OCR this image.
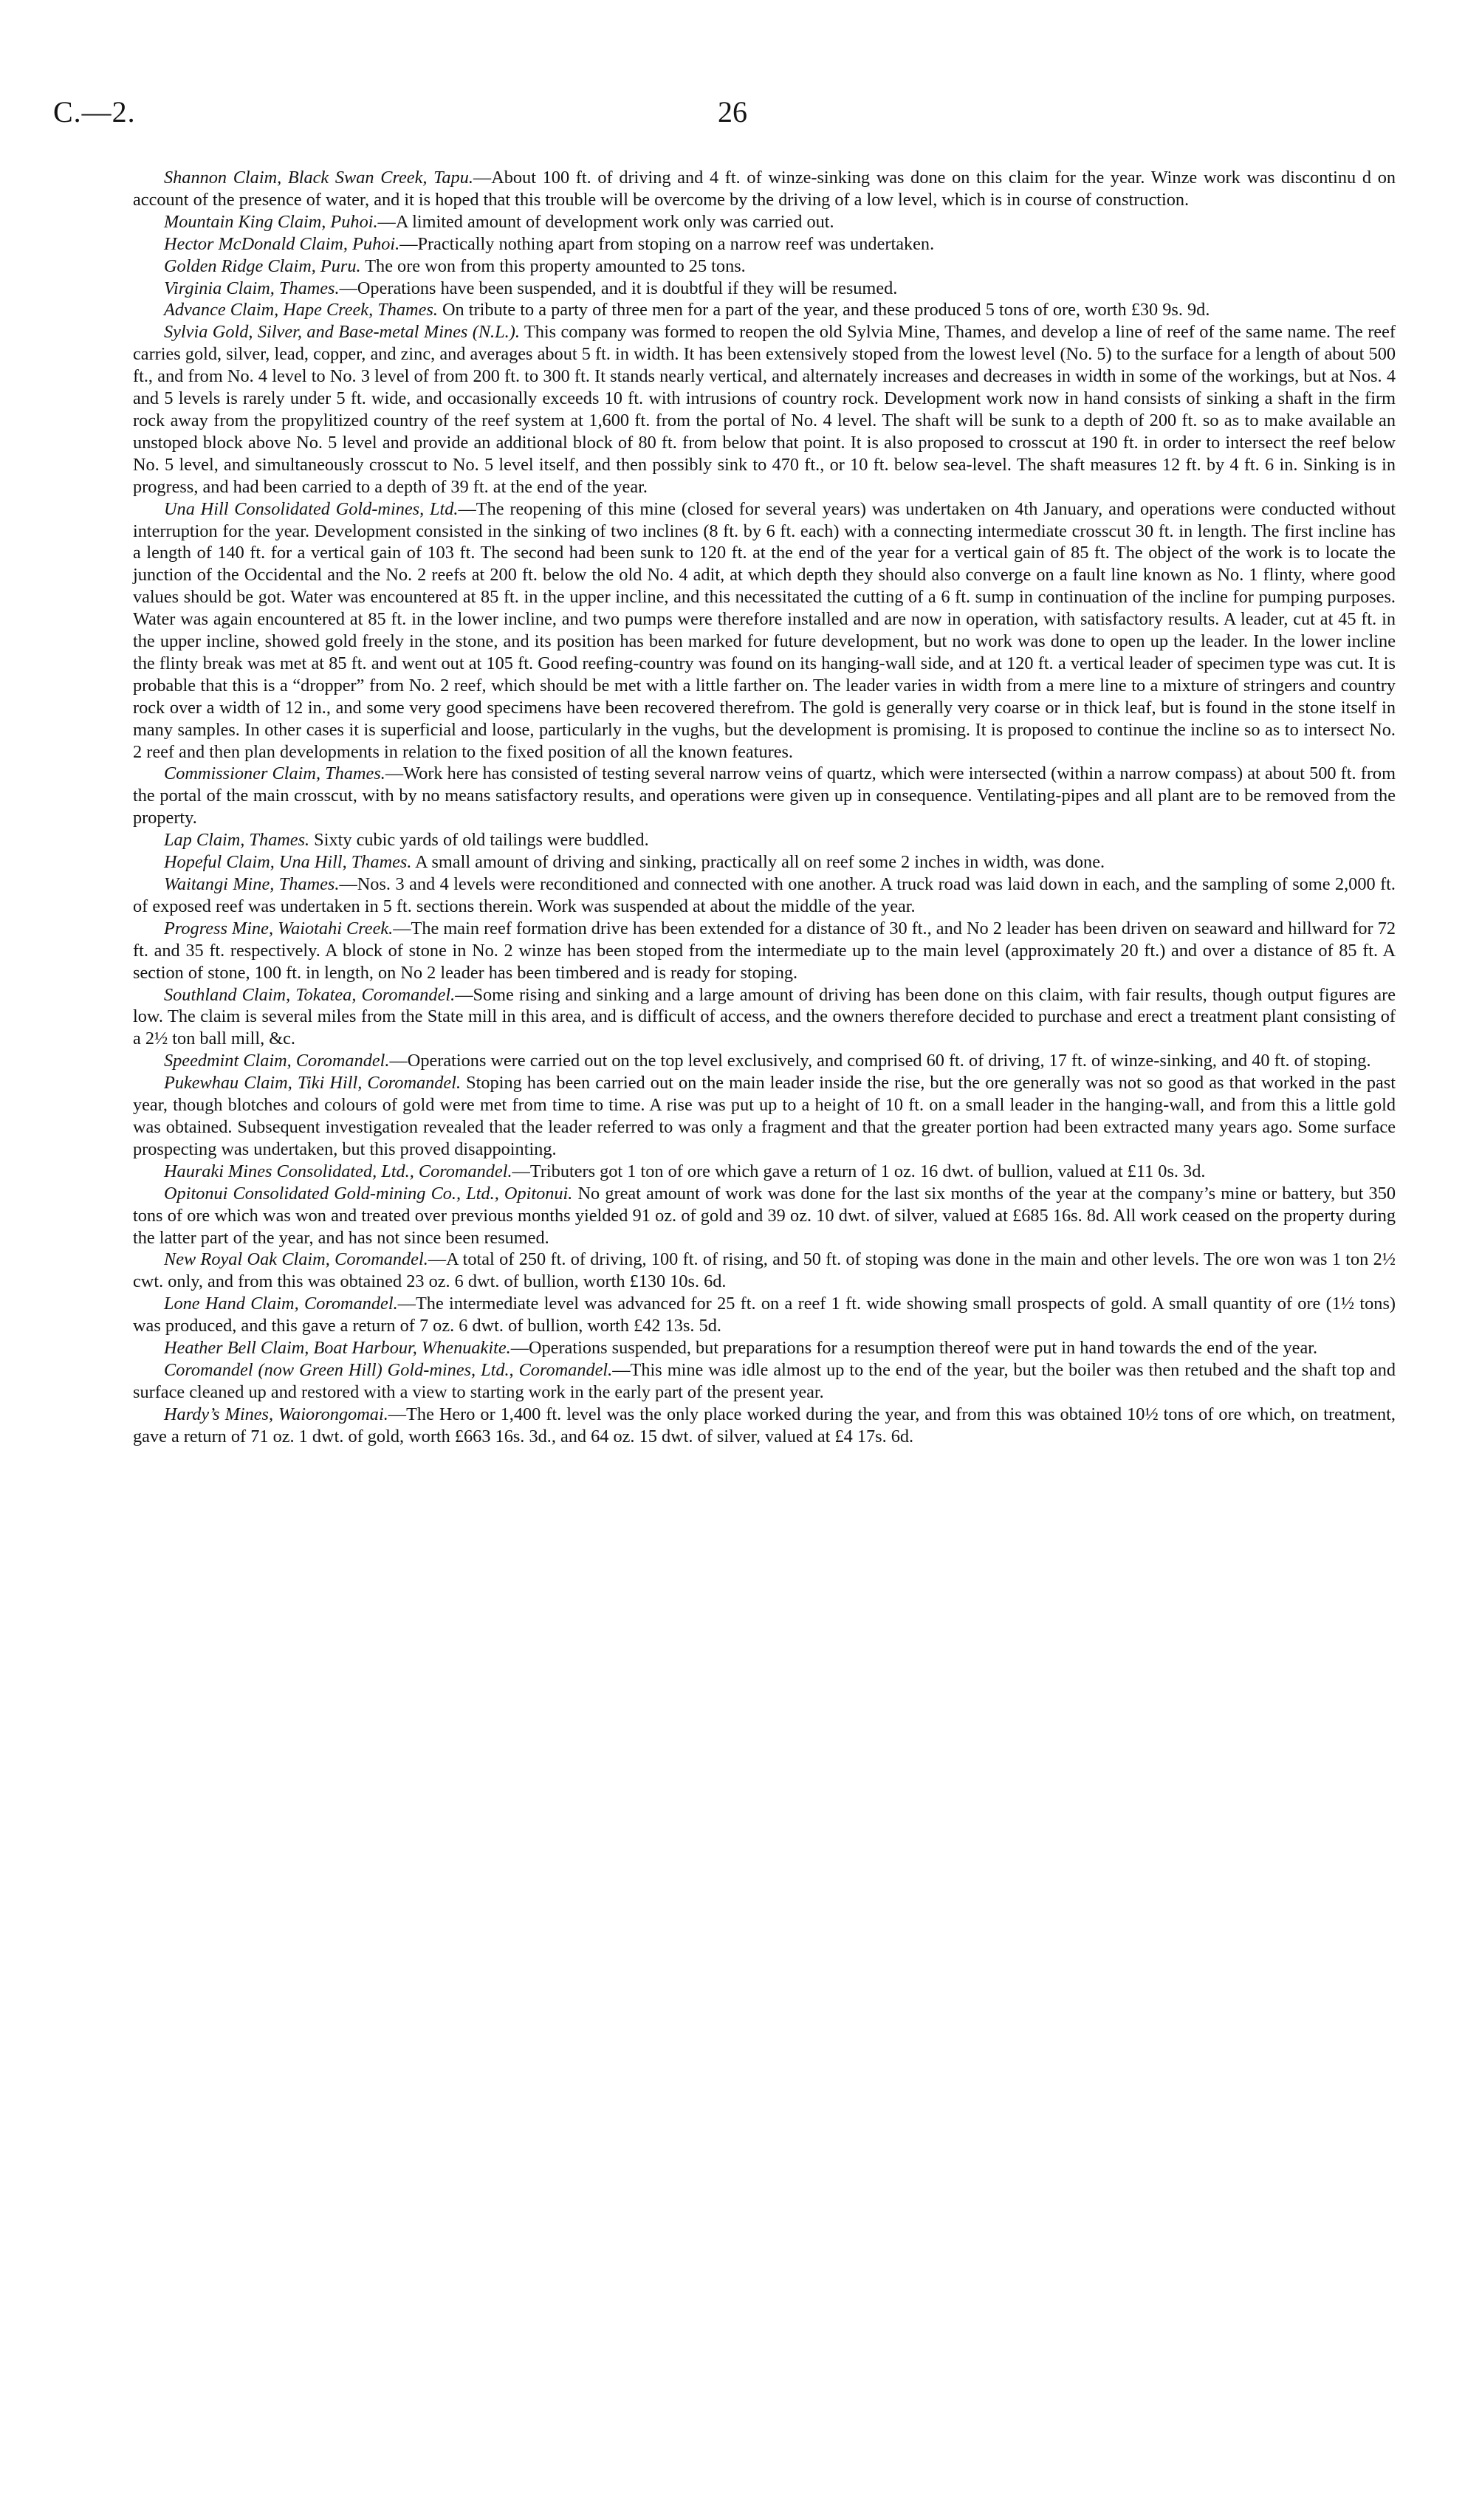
C.—2.	26

Shannon Claim, Black Swan Creek, Tapu.—About 100 ft. of driving and 4 ft. of winze-sinking was done on this claim for the year. Winze work was discontinu d on account of the presence of water, and it is hoped that this trouble will be overcome by the driving of a low level, which is in course of construction.

Mountain King Claim, Puhoi.—A limited amount of development work only was carried out.

Hector McDonald Claim, Puhoi.—Practically nothing apart from stoping on a narrow reef was undertaken.

Golden Ridge Claim, Puru. The ore won from this property amounted to 25 tons.

Virginia Claim, Thames.—Operations have been suspended, and it is doubtful if they will be resumed.

Advance Claim, Hape Creek, Thames. On tribute to a party of three men for a part of the year, and these produced 5 tons of ore, worth £30 9s. 9d.

Sylvia Gold, Silver, and Base-metal Mines (N.L.). This company was formed to reopen the old Sylvia Mine, Thames, and develop a line of reef of the same name. The reef carries gold, silver, lead, copper, and zinc, and averages about 5 ft. in width. It has been extensively stoped from the lowest level (No. 5) to the surface for a length of about 500 ft., and from No. 4 level to No. 3 level of from 200 ft. to 300 ft. It stands nearly vertical, and alternately increases and decreases in width in some of the workings, but at Nos. 4 and 5 levels is rarely under 5 ft. wide, and occasionally exceeds 10 ft. with intrusions of country rock. Development work now in hand consists of sinking a shaft in the firm rock away from the propylitized country of the reef system at 1,600 ft. from the portal of No. 4 level. The shaft will be sunk to a depth of 200 ft. so as to make available an unstoped block above No. 5 level and provide an additional block of 80 ft. from below that point. It is also proposed to crosscut at 190 ft. in order to intersect the reef below No. 5 level, and simultaneously crosscut to No. 5 level itself, and then possibly sink to 470 ft., or 10 ft. below sea-level. The shaft measures 12 ft. by 4 ft. 6 in. Sinking is in progress, and had been carried to a depth of 39 ft. at the end of the year.

Una Hill Consolidated Gold-mines, Ltd.—The reopening of this mine (closed for several years) was undertaken on 4th January, and operations were conducted without interruption for the year. Development consisted in the sinking of two inclines (8 ft. by 6 ft. each) with a connecting intermediate crosscut 30 ft. in length. The first incline has a length of 140 ft. for a vertical gain of 103 ft. The second had been sunk to 120 ft. at the end of the year for a vertical gain of 85 ft. The object of the work is to locate the junction of the Occidental and the No. 2 reefs at 200 ft. below the old No. 4 adit, at which depth they should also converge on a fault line known as No. 1 flinty, where good values should be got. Water was encountered at 85 ft. in the upper incline, and this necessitated the cutting of a 6 ft. sump in continuation of the incline for pumping purposes. Water was again encountered at 85 ft. in the lower incline, and two pumps were therefore installed and are now in operation, with satisfactory results. A leader, cut at 45 ft. in the upper incline, showed gold freely in the stone, and its position has been marked for future development, but no work was done to open up the leader. In the lower incline the flinty break was met at 85 ft. and went out at 105 ft. Good reefing-country was found on its hanging-wall side, and at 120 ft. a vertical leader of specimen type was cut. It is probable that this is a “dropper” from No. 2 reef, which should be met with a little farther on. The leader varies in width from a mere line to a mixture of stringers and country rock over a width of 12 in., and some very good specimens have been recovered therefrom. The gold is generally very coarse or in thick leaf, but is found in the stone itself in many samples. In other cases it is superficial and loose, particularly in the vughs, but the development is promising. It is proposed to continue the incline so as to intersect No. 2 reef and then plan developments in relation to the fixed position of all the known features.

Commissioner Claim, Thames.—Work here has consisted of testing several narrow veins of quartz, which were intersected (within a narrow compass) at about 500 ft. from the portal of the main crosscut, with by no means satisfactory results, and operations were given up in consequence. Ventilating-pipes and all plant are to be removed from the property.

Lap Claim, Thames. Sixty cubic yards of old tailings were buddled.

Hopeful Claim, Una Hill, Thames. A small amount of driving and sinking, practically all on reef some 2 inches in width, was done.

Waitangi Mine, Thames.—Nos. 3 and 4 levels were reconditioned and connected with one another. A truck road was laid down in each, and the sampling of some 2,000 ft. of exposed reef was undertaken in 5 ft. sections therein. Work was suspended at about the middle of the year.

Progress Mine, Waiotahi Creek.—The main reef formation drive has been extended for a distance of 30 ft., and No 2 leader has been driven on seaward and hillward for 72 ft. and 35 ft. respectively. A block of stone in No. 2 winze has been stoped from the intermediate up to the main level (approximately 20 ft.) and over a distance of 85 ft. A section of stone, 100 ft. in length, on No 2 leader has been timbered and is ready for stoping.

Southland Claim, Tokatea, Coromandel.—Some rising and sinking and a large amount of driving has been done on this claim, with fair results, though output figures are low. The claim is several miles from the State mill in this area, and is difficult of access, and the owners therefore decided to purchase and erect a treatment plant consisting of a 2½ ton ball mill, &c.

Speedmint Claim, Coromandel.—Operations were carried out on the top level exclusively, and comprised 60 ft. of driving, 17 ft. of winze-sinking, and 40 ft. of stoping.

Pukewhau Claim, Tiki Hill, Coromandel. Stoping has been carried out on the main leader inside the rise, but the ore generally was not so good as that worked in the past year, though blotches and colours of gold were met from time to time. A rise was put up to a height of 10 ft. on a small leader in the hanging-wall, and from this a little gold was obtained. Subsequent investigation revealed that the leader referred to was only a fragment and that the greater portion had been extracted many years ago. Some surface prospecting was undertaken, but this proved disappointing.

Hauraki Mines Consolidated, Ltd., Coromandel.—Tributers got 1 ton of ore which gave a return of 1 oz. 16 dwt. of bullion, valued at £11 0s. 3d.

Opitonui Consolidated Gold-mining Co., Ltd., Opitonui. No great amount of work was done for the last six months of the year at the company’s mine or battery, but 350 tons of ore which was won and treated over previous months yielded 91 oz. of gold and 39 oz. 10 dwt. of silver, valued at £685 16s. 8d. All work ceased on the property during the latter part of the year, and has not since been resumed.

New Royal Oak Claim, Coromandel.—A total of 250 ft. of driving, 100 ft. of rising, and 50 ft. of stoping was done in the main and other levels. The ore won was 1 ton 2½ cwt. only, and from this was obtained 23 oz. 6 dwt. of bullion, worth £130 10s. 6d.

Lone Hand Claim, Coromandel.—The intermediate level was advanced for 25 ft. on a reef 1 ft. wide showing small prospects of gold. A small quantity of ore (1½ tons) was produced, and this gave a return of 7 oz. 6 dwt. of bullion, worth £42 13s. 5d.

Heather Bell Claim, Boat Harbour, Whenuakite.—Operations suspended, but preparations for a resumption thereof were put in hand towards the end of the year.

Coromandel (now Green Hill) Gold-mines, Ltd., Coromandel.—This mine was idle almost up to the end of the year, but the boiler was then retubed and the shaft top and surface cleaned up and restored with a view to starting work in the early part of the present year.

Hardy’s Mines, Waiorongomai.—The Hero or 1,400 ft. level was the only place worked during the year, and from this was obtained 10½ tons of ore which, on treatment, gave a return of 71 oz. 1 dwt. of gold, worth £663 16s. 3d., and 64 oz. 15 dwt. of silver, valued at £4 17s. 6d.
